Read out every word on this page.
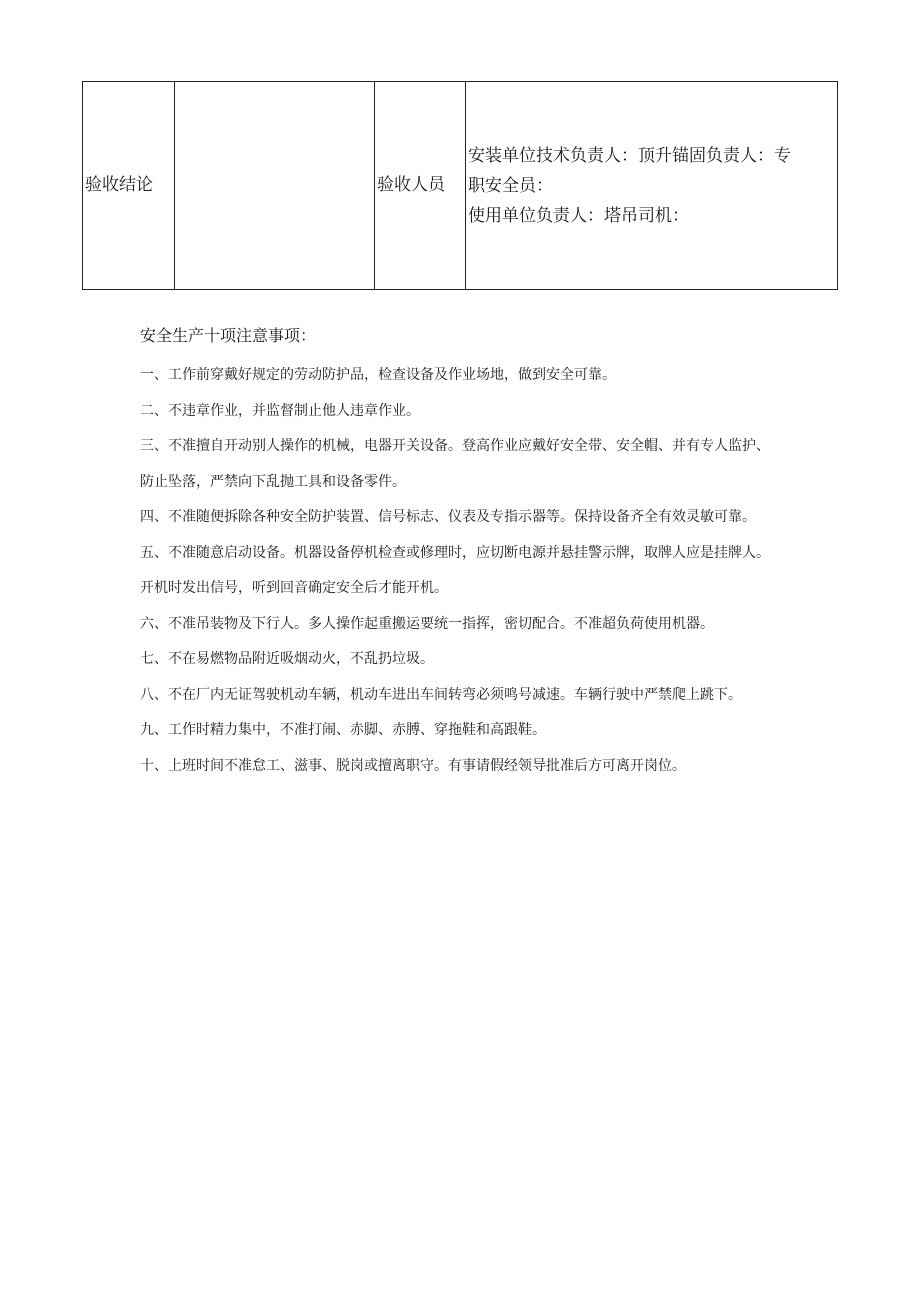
验收结论		验收人员	
安装单位技术负责人：顶升锚固负责人：专
职安全员：
使用单位负责人：塔吊司机：
安全生产十项注意事项：
一、工作前穿戴好规定的劳动防护品，检查设备及作业场地，做到安全可靠。
二、不违章作业，并监督制止他人违章作业。
三、不准擅自开动别人操作的机械，电器开关设备。登高作业应戴好安全带、安全帽、并有专人监护、
防止坠落，严禁向下乱抛工具和设备零件。
四、不准随便拆除各种安全防护装置、信号标志、仪表及专指示器等。保持设备齐全有效灵敏可靠。
五、不准随意启动设备。机器设备停机检查或修理时，应切断电源并悬挂警示牌，取牌人应是挂牌人。
开机时发出信号，听到回音确定安全后才能开机。
六、不准吊装物及下行人。多人操作起重搬运要统一指挥，密切配合。不准超负荷使用机器。
七、不在易燃物品附近吸烟动火，不乱扔垃圾。
八、不在厂内无证驾驶机动车辆，机动车进出车间转弯必须鸣号减速。车辆行驶中严禁爬上跳下。
九、工作时精力集中，不准打闹、赤脚、赤膊、穿拖鞋和高跟鞋。
十、上班时间不准怠工、滋事、脱岗或擅离职守。有事请假经领导批准后方可离开岗位。
